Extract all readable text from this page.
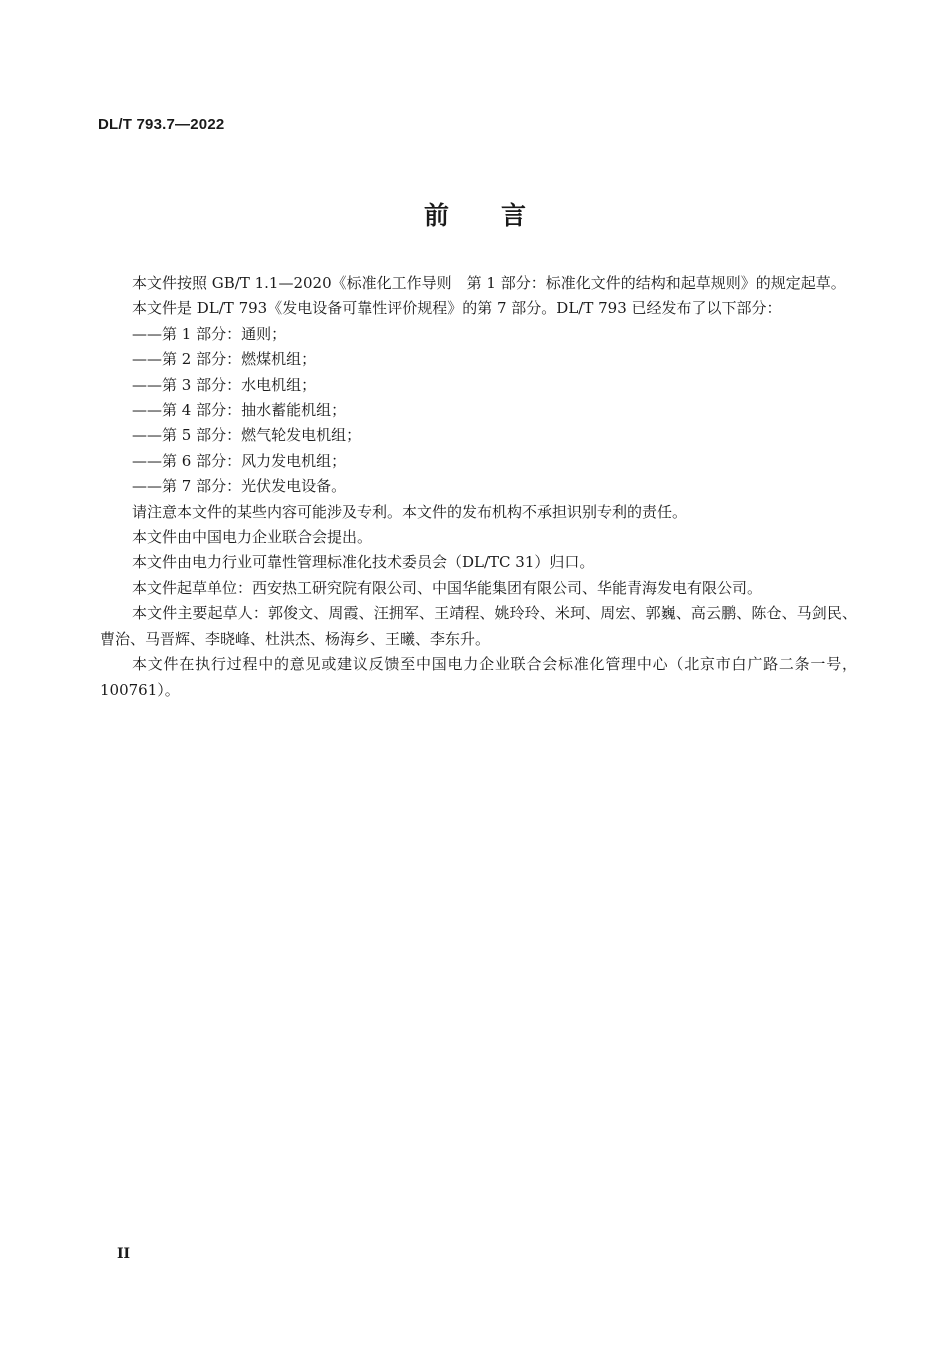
DL/T 793.7—2022
前 言

本文件按照 GB/T 1.1—2020《标准化工作导则　第 1 部分：标准化文件的结构和起草规则》的规定起草。

本文件是 DL/T 793《发电设备可靠性评价规程》的第 7 部分。DL/T 793 已经发布了以下部分：

——第 1 部分：通则；

——第 2 部分：燃煤机组；

——第 3 部分：水电机组；

——第 4 部分：抽水蓄能机组；

——第 5 部分：燃气轮发电机组；

——第 6 部分：风力发电机组；

——第 7 部分：光伏发电设备。

请注意本文件的某些内容可能涉及专利。本文件的发布机构不承担识别专利的责任。

本文件由中国电力企业联合会提出。

本文件由电力行业可靠性管理标准化技术委员会（DL/TC 31）归口。

本文件起草单位：西安热工研究院有限公司、中国华能集团有限公司、华能青海发电有限公司。

本文件主要起草人：郭俊文、周霞、汪拥军、王靖程、姚玲玲、米珂、周宏、郭巍、高云鹏、陈仓、马剑民、曹治、马晋辉、李晓峰、杜洪杰、杨海乡、王曦、李东升。

本文件在执行过程中的意见或建议反馈至中国电力企业联合会标准化管理中心（北京市白广路二条一号，100761）。

II
